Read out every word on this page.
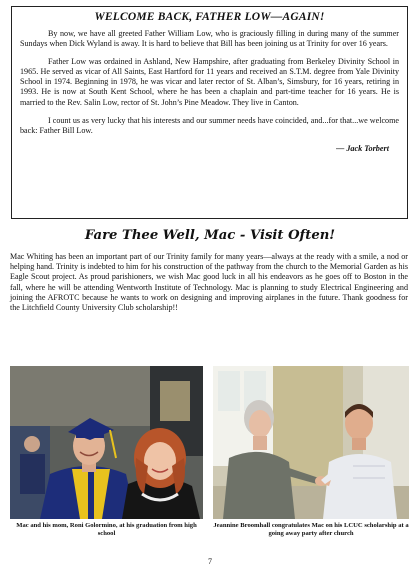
WELCOME BACK, FATHER LOW—AGAIN!

By now, we have all greeted Father William Low, who is graciously filling in during many of the summer Sundays when Dick Wyland is away. It is hard to believe that Bill has been joining us at Trinity for over 16 years.

Father Low was ordained in Ashland, New Hampshire, after graduating from Berkeley Divinity School in 1965. He served as vicar of All Saints, East Hartford for 11 years and received an S.T.M. degree from Yale Divinity School in 1974. Beginning in 1978, he was vicar and later rector of St. Alban’s, Simsbury, for 16 years, retiring in 1993. He is now at South Kent School, where he has been a chaplain and part-time teacher for 16 years. He is married to the Rev. Salin Low, rector of St. John’s Pine Meadow. They live in Canton.

I count us as very lucky that his interests and our summer needs have coincided, and...for that...we welcome back: Father Bill Low.

— Jack Torbert
Fare Thee Well, Mac - Visit Often!

Mac Whiting has been an important part of our Trinity family for many years—always at the ready with a smile, a nod or helping hand. Trinity is indebted to him for his construction of the pathway from the church to the Memorial Garden as his Eagle Scout project. As proud parishioners, we wish Mac good luck in all his endeavors as he goes off to Boston in the fall, where he will be attending Wentworth Institute of Technology. Mac is planning to study Electrical Engineering and joining the AFROTC because he wants to work on designing and improving airplanes in the future. Thank goodness for the Litchfield County University Club scholarship!!

Mac and his mom, Roni Golormino, at his graduation from high school
Jeannine Broomhall congratulates Mac on his LCUC scholarship at a going away party after church
7
